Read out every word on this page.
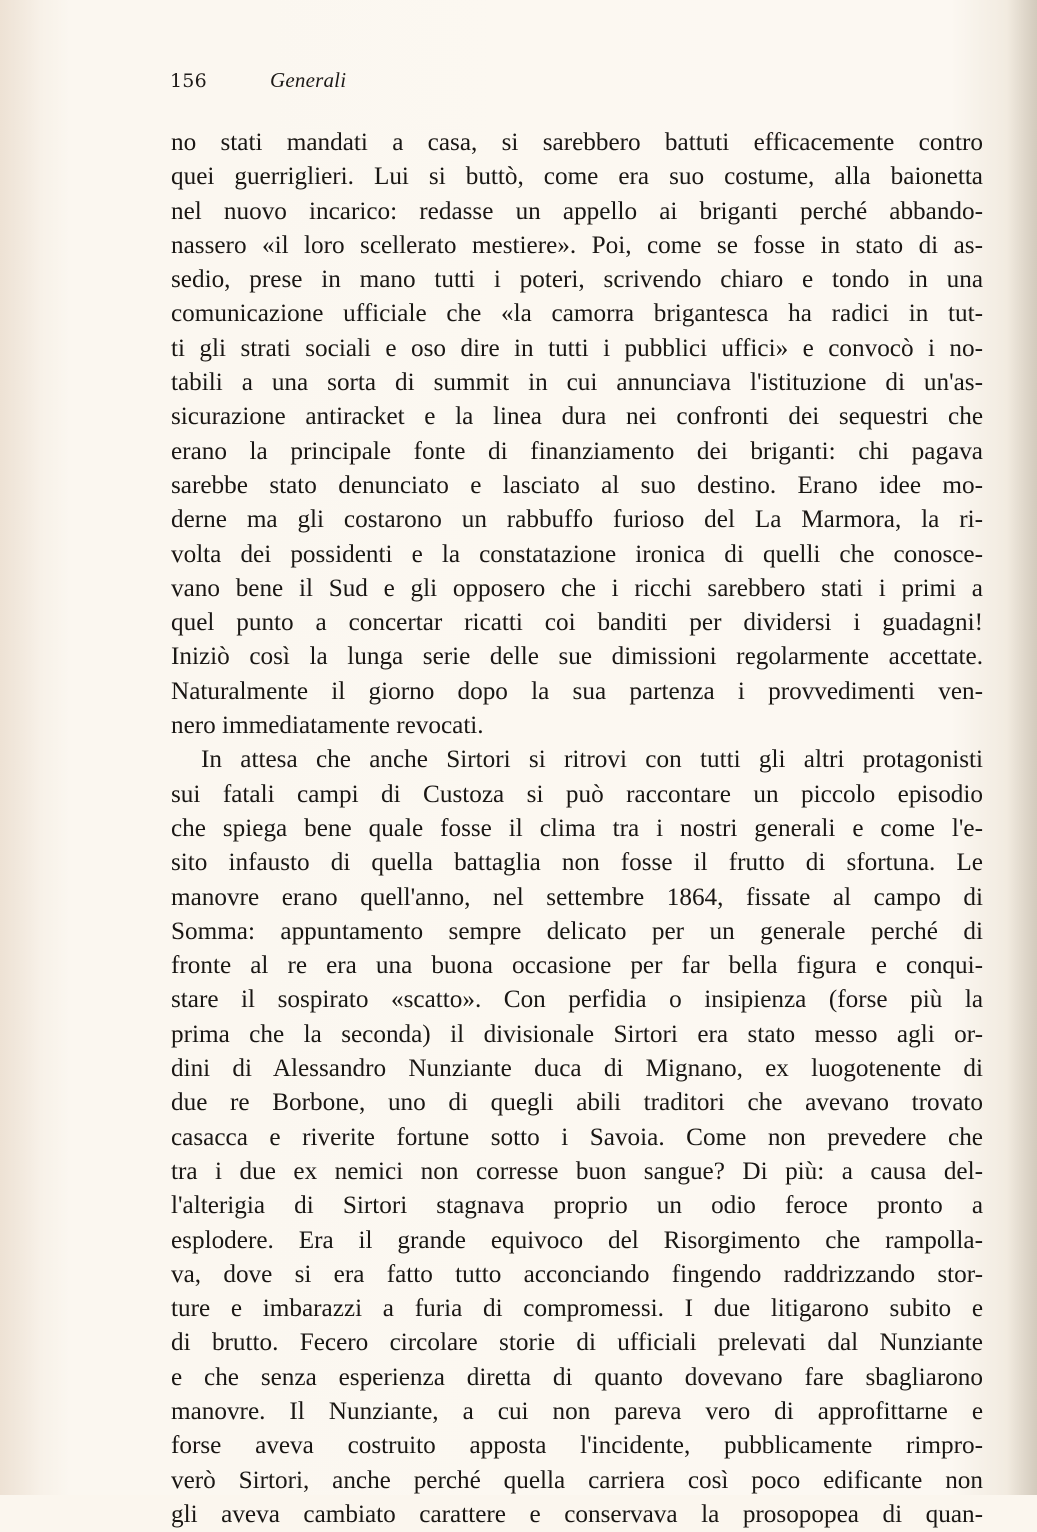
156	Generali
no stati mandati a casa, si sarebbero battuti efficacemente contro
quei guerriglieri. Lui si buttò, come era suo costume, alla baionetta
nel nuovo incarico: redasse un appello ai briganti perché abbando-
nassero «il loro scellerato mestiere». Poi, come se fosse in stato di as-
sedio, prese in mano tutti i poteri, scrivendo chiaro e tondo in una
comunicazione ufficiale che «la camorra brigantesca ha radici in tut-
ti gli strati sociali e oso dire in tutti i pubblici uffici» e convocò i no-
tabili a una sorta di summit in cui annunciava l'istituzione di un'as-
sicurazione antiracket e la linea dura nei confronti dei sequestri che
erano la principale fonte di finanziamento dei briganti: chi pagava
sarebbe stato denunciato e lasciato al suo destino. Erano idee mo-
derne ma gli costarono un rabbuffo furioso del La Marmora, la ri-
volta dei possidenti e la constatazione ironica di quelli che conosce-
vano bene il Sud e gli opposero che i ricchi sarebbero stati i primi a
quel punto a concertar ricatti coi banditi per dividersi i guadagni!
Iniziò così la lunga serie delle sue dimissioni regolarmente accettate.
Naturalmente il giorno dopo la sua partenza i provvedimenti ven-
nero immediatamente revocati.
In attesa che anche Sirtori si ritrovi con tutti gli altri protagonisti
sui fatali campi di Custoza si può raccontare un piccolo episodio
che spiega bene quale fosse il clima tra i nostri generali e come l'e-
sito infausto di quella battaglia non fosse il frutto di sfortuna. Le
manovre erano quell'anno, nel settembre 1864, fissate al campo di
Somma: appuntamento sempre delicato per un generale perché di
fronte al re era una buona occasione per far bella figura e conqui-
stare il sospirato «scatto». Con perfidia o insipienza (forse più la
prima che la seconda) il divisionale Sirtori era stato messo agli or-
dini di Alessandro Nunziante duca di Mignano, ex luogotenente di
due re Borbone, uno di quegli abili traditori che avevano trovato
casacca e riverite fortune sotto i Savoia. Come non prevedere che
tra i due ex nemici non corresse buon sangue? Di più: a causa del-
l'alterigia di Sirtori stagnava proprio un odio feroce pronto a
esplodere. Era il grande equivoco del Risorgimento che rampolla-
va, dove si era fatto tutto acconciando fingendo raddrizzando stor-
ture e imbarazzi a furia di compromessi. I due litigarono subito e
di brutto. Fecero circolare storie di ufficiali prelevati dal Nunziante
e che senza esperienza diretta di quanto dovevano fare sbagliarono
manovre. Il Nunziante, a cui non pareva vero di approfittarne e
forse aveva costruito apposta l'incidente, pubblicamente rimpro-
verò Sirtori, anche perché quella carriera così poco edificante non
gli aveva cambiato carattere e conservava la prosopopea di quan-
